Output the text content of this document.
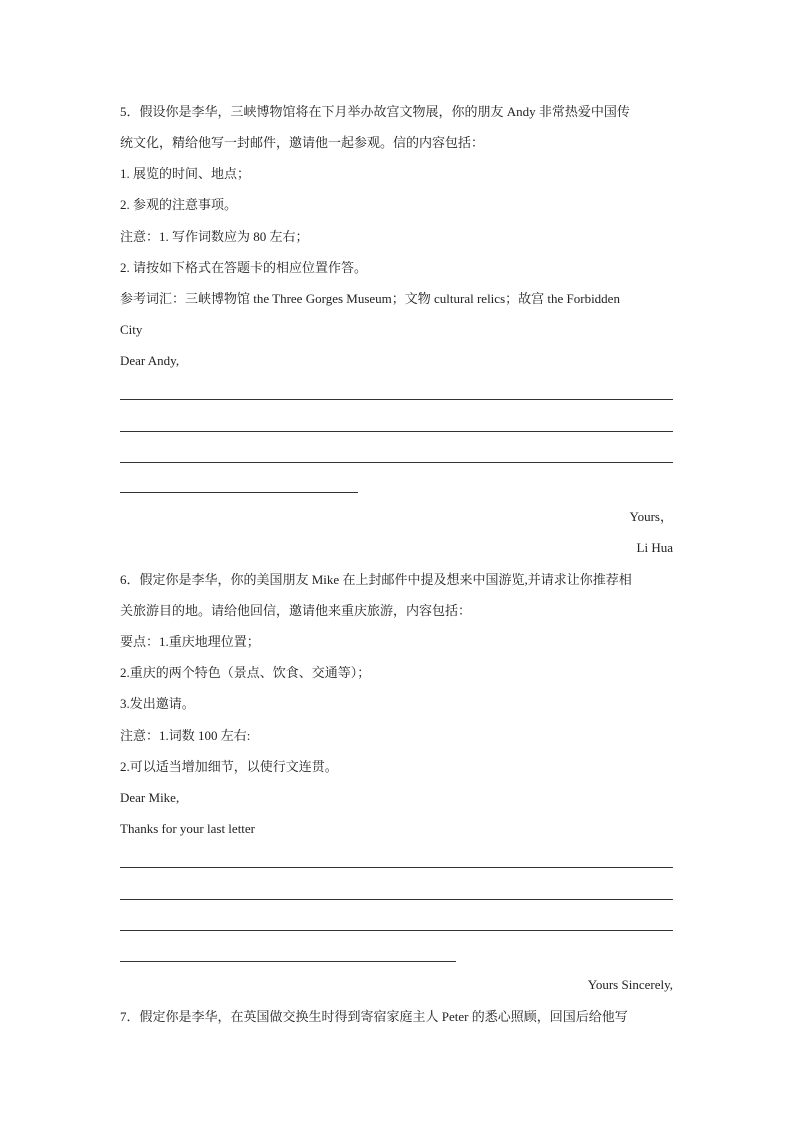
5．假设你是李华，三峡博物馆将在下月举办故宫文物展，你的朋友 Andy 非常热爱中国传
统文化，精给他写一封邮件，邀请他一起参观。信的内容包括：
1. 展览的时间、地点；
2. 参观的注意事项。
注意：1. 写作词数应为 80 左右；
2. 请按如下格式在答题卡的相应位置作答。
参考词汇：三峡博物馆 the Three Gorges Museum；文物 cultural relics；故宫 the Forbidden
City
Dear Andy,
Yours，
Li Hua
6．假定你是李华，你的美国朋友 Mike 在上封邮件中提及想来中国游览,并请求让你推荐相
关旅游目的地。请给他回信，邀请他来重庆旅游，内容包括：
要点：1.重庆地理位置；
2.重庆的两个特色（景点、饮食、交通等）；
3.发出邀请。
注意：1.词数 100 左右:
2.可以适当增加细节，以使行文连贯。
Dear Mike,
Thanks for your last letter
Yours Sincerely,
7．假定你是李华，在英国做交换生时得到寄宿家庭主人 Peter 的悉心照顾，回国后给他写
